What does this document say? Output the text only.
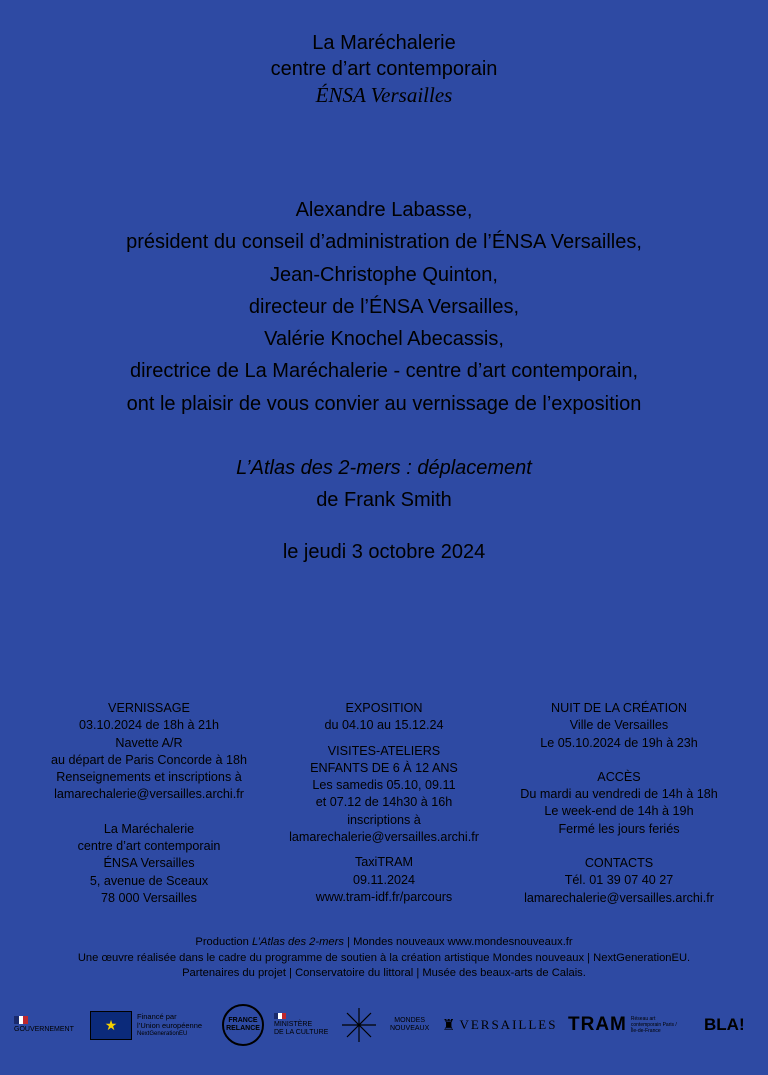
La Maréchalerie
centre d’art contemporain
ÉNSA Versailles
Alexandre Labasse,
président du conseil d’administration de l’ÉNSA Versailles,
Jean-Christophe Quinton,
directeur de l’ÉNSA Versailles,
Valérie Knochel Abecassis,
directrice de La Maréchalerie - centre d’art contemporain,
ont le plaisir de vous convier au vernissage de l’exposition
L’Atlas des 2-mers : déplacement
de Frank Smith
le jeudi 3 octobre 2024
VERNISSAGE
03.10.2024 de 18h à 21h
Navette A/R
au départ de Paris Concorde à 18h
Renseignements et inscriptions à
lamarechalerie@versailles.archi.fr
La Maréchalerie
centre d’art contemporain
ÉNSA Versailles
5, avenue de Sceaux
78 000 Versailles
EXPOSITION
du 04.10 au 15.12.24
VISITES-ATELIERS
ENFANTS DE 6 À 12 ANS
Les samedis 05.10, 09.11
et 07.12 de 14h30 à 16h
inscriptions à
lamarechalerie@versailles.archi.fr
TaxiTRAM
09.11.2024
www.tram-idf.fr/parcours
NUIT DE LA CRÉATION
Ville de Versailles
Le 05.10.2024 de 19h à 23h
ACCÈS
Du mardi au vendredi de 14h à 18h
Le week-end de 14h à 19h
Fermé les jours feriés
CONTACTS
Tél. 01 39 07 40 27
lamarechalerie@versailles.archi.fr
Production L’Atlas des 2-mers | Mondes nouveaux www.mondesnouveaux.fr
Une œuvre réalisée dans le cadre du programme de soutien à la création artistique Mondes nouveaux | NextGenerationEU.
Partenaires du projet | Conservatoire du littoral | Musée des beaux-arts de Calais.
GOUVERNEMENT ★
Financé par
l’Union européenne
NextGenerationEU
FRANCE RELANCE
MINISTÈRE
DE LA CULTURE
MONDES
NOUVEAUX ♜ VERSAILLES TRAM Réseau art contemporain Paris / Île-de-France	BLA!
